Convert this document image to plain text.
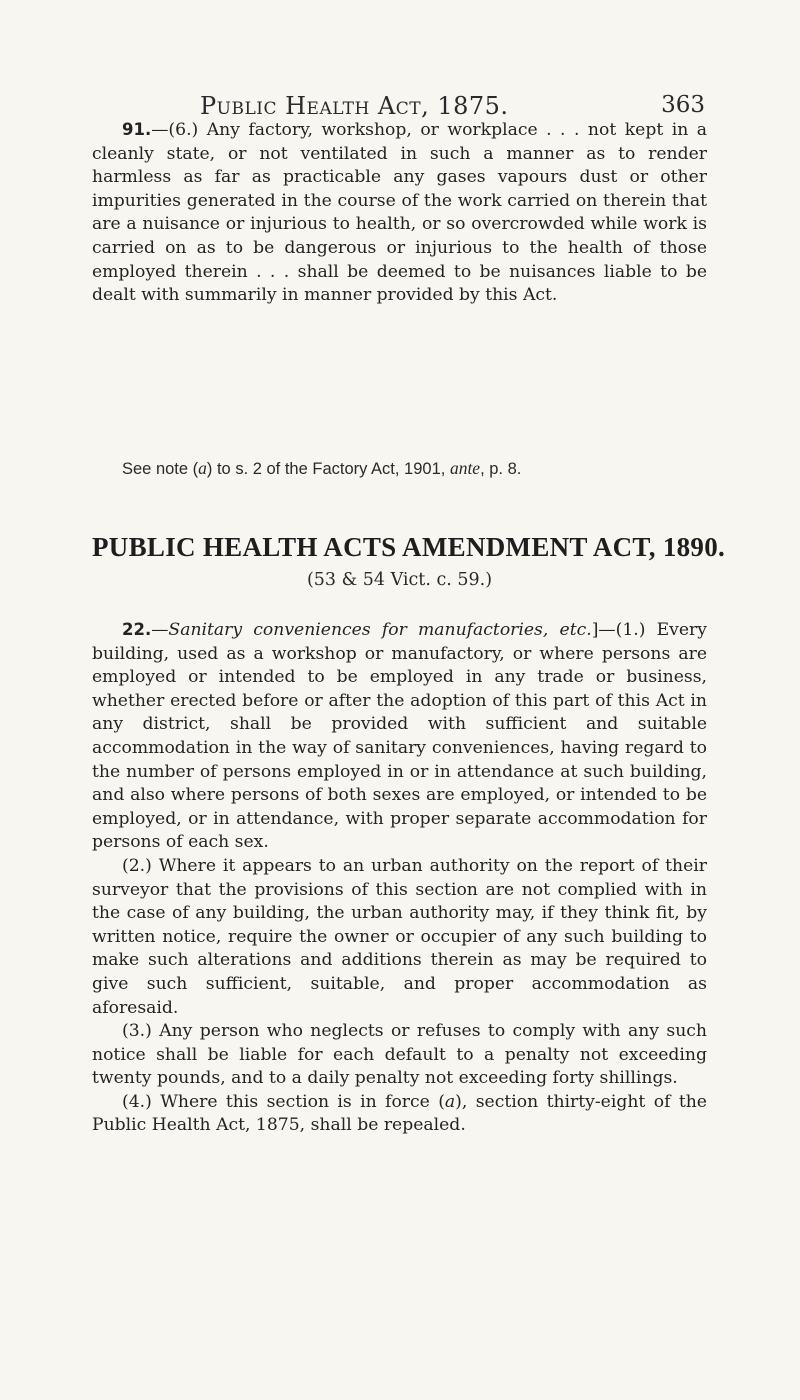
Public Health Act, 1875.	363

91.—(6.) Any factory, workshop, or workplace . . . not kept in a cleanly state, or not ventilated in such a manner as to render harmless as far as practicable any gases vapours dust or other impurities generated in the course of the work carried on therein that are a nuisance or injurious to health, or so overcrowded while work is carried on as to be dangerous or injurious to the health of those employed therein . . . shall be deemed to be nuisances liable to be dealt with summarily in manner provided by this Act.

See note (a) to s. 2 of the Factory Act, 1901, ante, p. 8.

PUBLIC HEALTH ACTS AMENDMENT ACT, 1890.
(53 & 54 Vict. c. 59.)

22.—Sanitary conveniences for manufactories, etc.]—(1.) Every building, used as a workshop or manufactory, or where persons are employed or intended to be employed in any trade or business, whether erected before or after the adoption of this part of this Act in any district, shall be provided with sufficient and suitable accommodation in the way of sanitary conveniences, having regard to the number of persons employed in or in attendance at such building, and also where persons of both sexes are employed, or intended to be employed, or in attendance, with proper separate accommodation for persons of each sex.

(2.) Where it appears to an urban authority on the report of their surveyor that the provisions of this section are not complied with in the case of any building, the urban authority may, if they think fit, by written notice, require the owner or occupier of any such building to make such alterations and additions therein as may be required to give such sufficient, suitable, and proper accommodation as aforesaid.

(3.) Any person who neglects or refuses to comply with any such notice shall be liable for each default to a penalty not exceeding twenty pounds, and to a daily penalty not exceeding forty shillings.

(4.) Where this section is in force (a), section thirty-eight of the Public Health Act, 1875, shall be repealed.
